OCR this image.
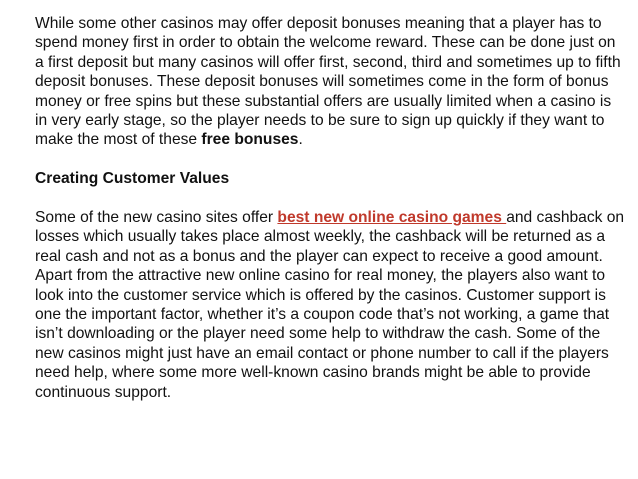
While some other casinos may offer deposit bonuses meaning that a player has to spend money first in order to obtain the welcome reward. These can be done just on a first deposit but many casinos will offer first, second, third and sometimes up to fifth deposit bonuses. These deposit bonuses will sometimes come in the form of bonus money or free spins but these substantial offers are usually limited when a casino is in very early stage, so the player needs to be sure to sign up quickly if they want to make the most of these free bonuses.

Creating Customer Values

Some of the new casino sites offer best new online casino games and cashback on losses which usually takes place almost weekly, the cashback will be returned as a real cash and not as a bonus and the player can expect to receive a good amount.

Apart from the attractive new online casino for real money, the players also want to look into the customer service which is offered by the casinos. Customer support is one the important factor, whether it’s a coupon code that’s not working, a game that isn’t downloading or the player need some help to withdraw the cash. Some of the new casinos might just have an email contact or phone number to call if the players need help, where some more well-known casino brands might be able to provide continuous support.
